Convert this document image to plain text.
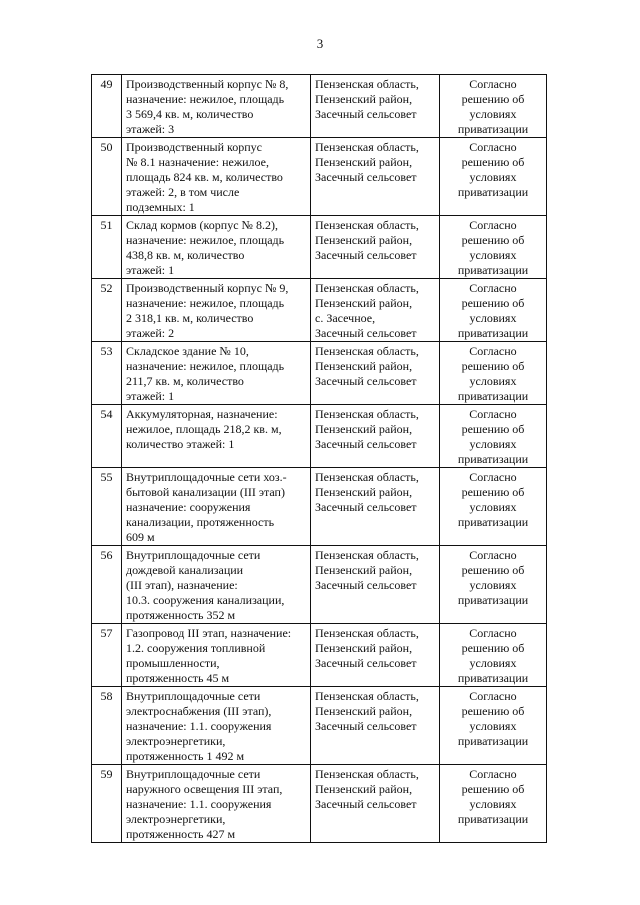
3
49	Производственный корпус № 8,
назначение: нежилое, площадь
3 569,4 кв. м, количество
этажей: 3	Пензенская область,
Пензенский район,
Засечный сельсовет	Согласно
решению об
условиях
приватизации

50	Производственный корпус
№ 8.1 назначение: нежилое,
площадь 824 кв. м, количество
этажей: 2, в том числе
подземных: 1	Пензенская область,
Пензенский район,
Засечный сельсовет	Согласно
решению об
условиях
приватизации

51	Склад кормов (корпус № 8.2),
назначение: нежилое, площадь
438,8 кв. м, количество
этажей: 1	Пензенская область,
Пензенский район,
Засечный сельсовет	Согласно
решению об
условиях
приватизации

52	Производственный корпус № 9,
назначение: нежилое, площадь
2 318,1 кв. м, количество
этажей: 2	Пензенская область,
Пензенский район,
с. Засечное,
Засечный сельсовет	Согласно
решению об
условиях
приватизации

53	Складское здание № 10,
назначение: нежилое, площадь
211,7 кв. м, количество
этажей: 1	Пензенская область,
Пензенский район,
Засечный сельсовет	Согласно
решению об
условиях
приватизации

54	Аккумуляторная, назначение:
нежилое, площадь 218,2 кв. м,
количество этажей: 1	Пензенская область,
Пензенский район,
Засечный сельсовет	Согласно
решению об
условиях
приватизации

55	Внутриплощадочные сети хоз.-
бытовой канализации (III этап)
назначение: сооружения
канализации, протяженность
609 м	Пензенская область,
Пензенский район,
Засечный сельсовет	Согласно
решению об
условиях
приватизации

56	Внутриплощадочные сети
дождевой канализации
(III этап), назначение:
10.3. сооружения канализации,
протяженность 352 м	Пензенская область,
Пензенский район,
Засечный сельсовет	Согласно
решению об
условиях
приватизации

57	Газопровод III этап, назначение:
1.2. сооружения топливной
промышленности,
протяженность 45 м	Пензенская область,
Пензенский район,
Засечный сельсовет	Согласно
решению об
условиях
приватизации

58	Внутриплощадочные сети
электроснабжения (III этап),
назначение: 1.1. сооружения
электроэнергетики,
протяженность 1 492 м	Пензенская область,
Пензенский район,
Засечный сельсовет	Согласно
решению об
условиях
приватизации

59	Внутриплощадочные сети
наружного освещения III этап,
назначение: 1.1. сооружения
электроэнергетики,
протяженность 427 м	Пензенская область,
Пензенский район,
Засечный сельсовет	Согласно
решению об
условиях
приватизации
